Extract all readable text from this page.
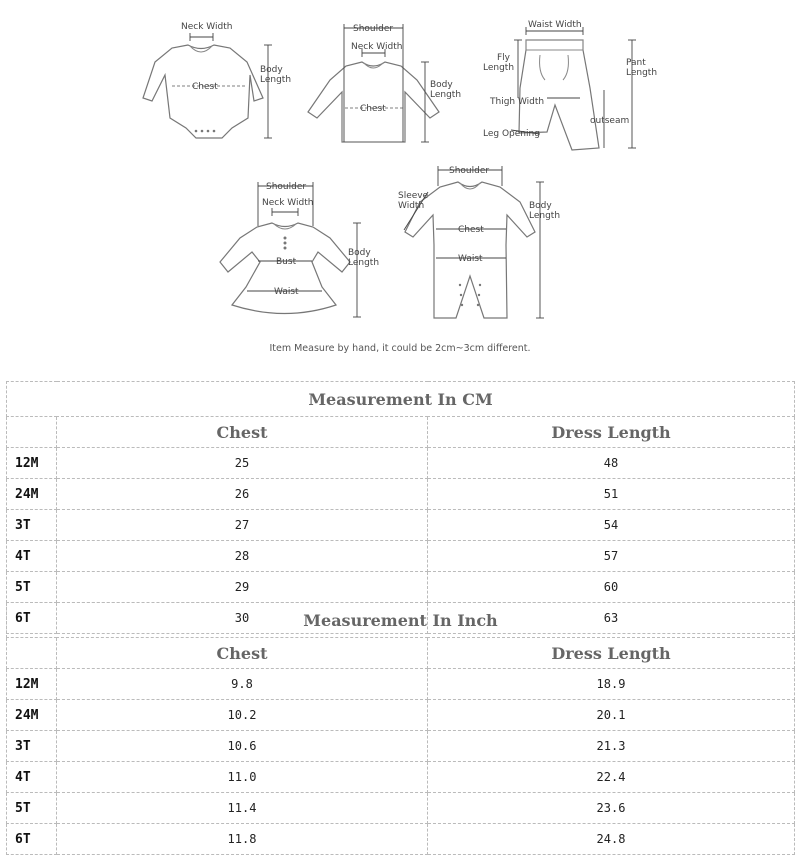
Neck Width
Chest
Body
Length
Shoulder
Neck Width
Chest
Body
Length
Waist Width
Fly
Length	Pant
Length
Thigh Width
outseam
Leg Opening
Shoulder
Neck Width
Bust
Waist
Body
Length
Shoulder
Sleeve
Width
Chest
Waist
Body
Length
Item Measure by hand, it could be 2cm~3cm different.
Measurement In CM		
	Chest	Dress Length
12M	25	48
24M	26	51
3T	27	54
4T	28	57
5T	29	60
6T	30	63
Measurement In Inch		
	Chest	Dress Length
12M	9.8	18.9
24M	10.2	20.1
3T	10.6	21.3
4T	11.0	22.4
5T	11.4	23.6
6T	11.8	24.8
